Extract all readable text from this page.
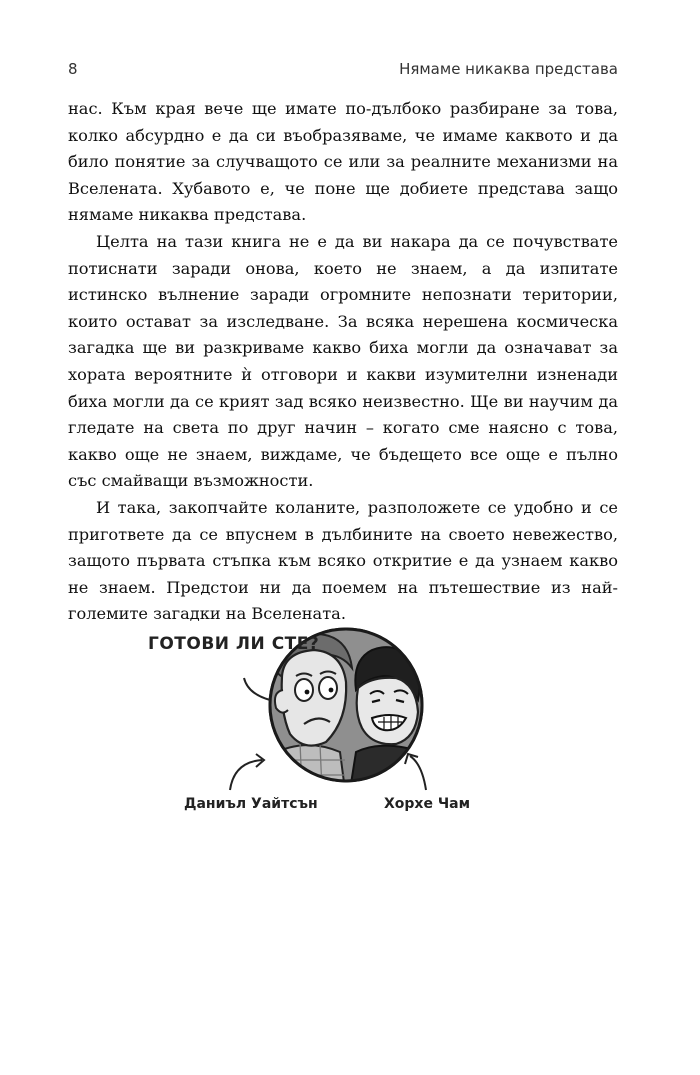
8	Нямаме никаква представа

нас. Към края вече ще имате по-дълбоко разбиране за това, колко абсурдно е да си въобразяваме, че имаме каквото и да било понятие за случващото се или за реалните механизми на Вселената. Хубавото е, че поне ще добиете представа защо нямаме никаква представа.

Целта на тази книга не е да ви накара да се почувствате потиснати заради онова, което не знаем, а да изпитате истинско вълнение заради огромните непознати територии, които остават за изследване. За всяка нерешена космическа загадка ще ви разкриваме какво биха могли да означават за хората вероятните ѝ отговори и какви изумителни изненади биха могли да се крият зад всяко неизвестно. Ще ви научим да гледате на света по друг начин – когато сме наясно с това, какво още не знаем, виждаме, че бъдещето все още е пълно със смайващи възможности.

И така, закопчайте коланите, разположете се удобно и се пригответе да се впуснем в дълбините на своето невежество, защото първата стъпка към всяко откритие е да узнаем какво не знаем. Предстои ни да поемем на пътешествие из най-големите загадки на Вселената.

ГОТОВИ ЛИ СТЕ?
Даниъл Уайтсън	Хорхе Чам
